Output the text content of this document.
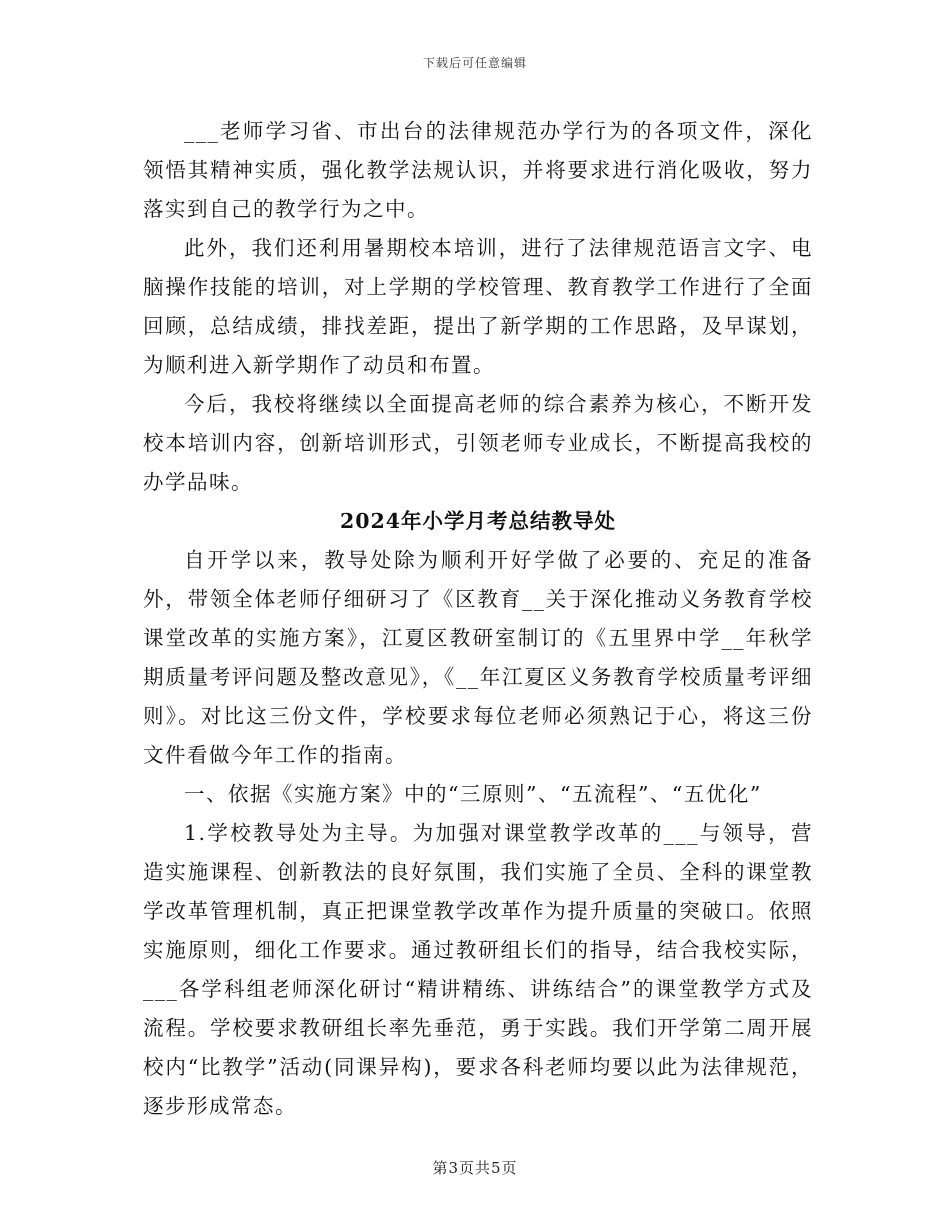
下载后可任意编辑

___老师学习省、市出台的法律规范办学行为的各项文件，深化领悟其精神实质，强化教学法规认识，并将要求进行消化吸收，努力落实到自己的教学行为之中。

此外，我们还利用暑期校本培训，进行了法律规范语言文字、电脑操作技能的培训，对上学期的学校管理、教育教学工作进行了全面回顾，总结成绩，排找差距，提出了新学期的工作思路，及早谋划，为顺利进入新学期作了动员和布置。

今后，我校将继续以全面提高老师的综合素养为核心，不断开发校本培训内容，创新培训形式，引领老师专业成长，不断提高我校的办学品味。

2024年小学月考总结教导处

自开学以来，教导处除为顺利开好学做了必要的、充足的准备外，带领全体老师仔细研习了《区教育__关于深化推动义务教育学校课堂改革的实施方案》，江夏区教研室制订的《五里界中学__年秋学期质量考评问题及整改意见》，《__年江夏区义务教育学校质量考评细则》。对比这三份文件，学校要求每位老师必须熟记于心，将这三份文件看做今年工作的指南。

一、依据《实施方案》中的“三原则”、“五流程”、“五优化”

1.学校教导处为主导。为加强对课堂教学改革的___与领导，营造实施课程、创新教法的良好氛围，我们实施了全员、全科的课堂教学改革管理机制，真正把课堂教学改革作为提升质量的突破口。依照实施原则，细化工作要求。通过教研组长们的指导，结合我校实际，___各学科组老师深化研讨“精讲精练、讲练结合”的课堂教学方式及流程。学校要求教研组长率先垂范，勇于实践。我们开学第二周开展校内“比教学”活动(同课异构)，要求各科老师均要以此为法律规范，逐步形成常态。

第3页共5页
